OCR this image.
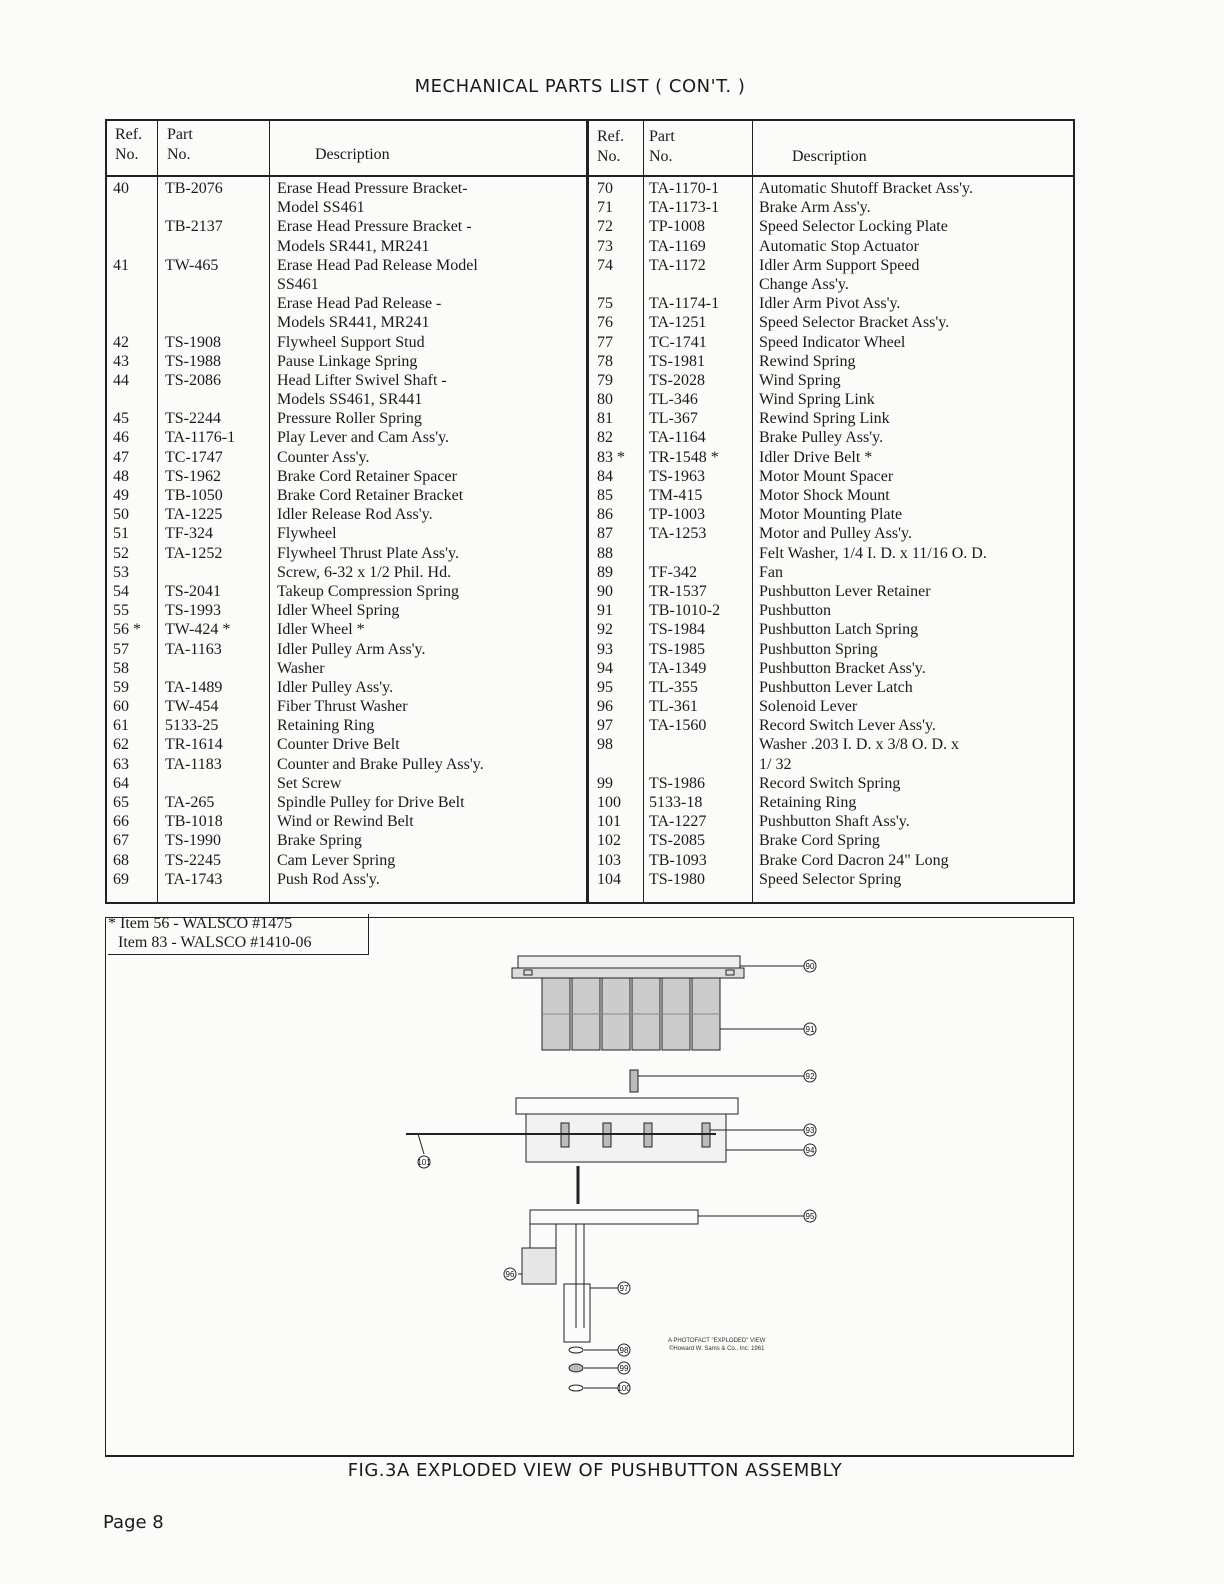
MECHANICAL PARTS LIST ( CON'T. )
Ref.
No.
Part
No.	Description
40 TB-2076	Erase Head Pressure Bracket-
Model SS461
TB-2137	Erase Head Pressure Bracket -
Models SR441, MR241
41 TW-465	Erase Head Pad Release Model
SS461
Erase Head Pad Release -
Models SR441, MR241
42 TS-1908	Flywheel Support Stud
43 TS-1988	Pause Linkage Spring
44 TS-2086	Head Lifter Swivel Shaft -
Models SS461, SR441
45 TS-2244	Pressure Roller Spring
46 TA-1176-1	Play Lever and Cam Ass'y.
47 TC-1747	Counter Ass'y.
48 TS-1962	Brake Cord Retainer Spacer
49 TB-1050	Brake Cord Retainer Bracket
50 TA-1225	Idler Release Rod Ass'y.
51 TF-324	Flywheel
52 TA-1252	Flywheel Thrust Plate Ass'y.
53	Screw, 6-32 x 1/2 Phil. Hd.
54 TS-2041	Takeup Compression Spring
55 TS-1993	Idler Wheel Spring
56 * TW-424 *	Idler Wheel *
57 TA-1163	Idler Pulley Arm Ass'y.
58	Washer
59 TA-1489	Idler Pulley Ass'y.
60 TW-454	Fiber Thrust Washer
61 5133-25	Retaining Ring
62 TR-1614	Counter Drive Belt
63 TA-1183	Counter and Brake Pulley Ass'y.
64	Set Screw
65 TA-265	Spindle Pulley for Drive Belt
66 TB-1018	Wind or Rewind Belt
67 TS-1990	Brake Spring
68 TS-2245	Cam Lever Spring
69 TA-1743	Push Rod Ass'y.
Ref.
No.
Part
No.	Description
70 TA-1170-1 Automatic Shutoff Bracket Ass'y.
71 TA-1173-1 Brake Arm Ass'y.
72 TP-1008	Speed Selector Locking Plate
73 TA-1169	Automatic Stop Actuator
74 TA-1172	Idler Arm Support Speed
Change Ass'y.
75 TA-1174-1 Idler Arm Pivot Ass'y.
76 TA-1251	Speed Selector Bracket Ass'y.
77 TC-1741	Speed Indicator Wheel
78 TS-1981	Rewind Spring
79 TS-2028	Wind Spring
80 TL-346	Wind Spring Link
81 TL-367	Rewind Spring Link
82 TA-1164	Brake Pulley Ass'y.
83 * TR-1548 *	Idler Drive Belt *
84 TS-1963	Motor Mount Spacer
85 TM-415	Motor Shock Mount
86 TP-1003	Motor Mounting Plate
87 TA-1253	Motor and Pulley Ass'y.
88	Felt Washer, 1/4 I. D. x 11/16 O. D.
89 TF-342	Fan
90 TR-1537	Pushbutton Lever Retainer
91 TB-1010-2 Pushbutton
92 TS-1984	Pushbutton Latch Spring
93 TS-1985	Pushbutton Spring
94 TA-1349	Pushbutton Bracket Ass'y.
95 TL-355	Pushbutton Lever Latch
96 TL-361	Solenoid Lever
97 TA-1560	Record Switch Lever Ass'y.
98	Washer .203 I. D. x 3/8 O. D. x
1/ 32
99 TS-1986	Record Switch Spring
100 5133-18	Retaining Ring
101 TA-1227	Pushbutton Shaft Ass'y.
102 TS-2085	Brake Cord Spring
103 TB-1093	Brake Cord Dacron 24" Long
104 TS-1980	Speed Selector Spring
* Item 56 - WALSCO #1475
Item 83 - WALSCO #1410-06
90
91
92
93
94
95
96
97
98
99
100
101
A PHOTOFACT "EXPLODED" VIEW
©Howard W. Sams & Co., Inc. 1961
FIG.3A EXPLODED VIEW OF PUSHBUTTON ASSEMBLY
Page 8
